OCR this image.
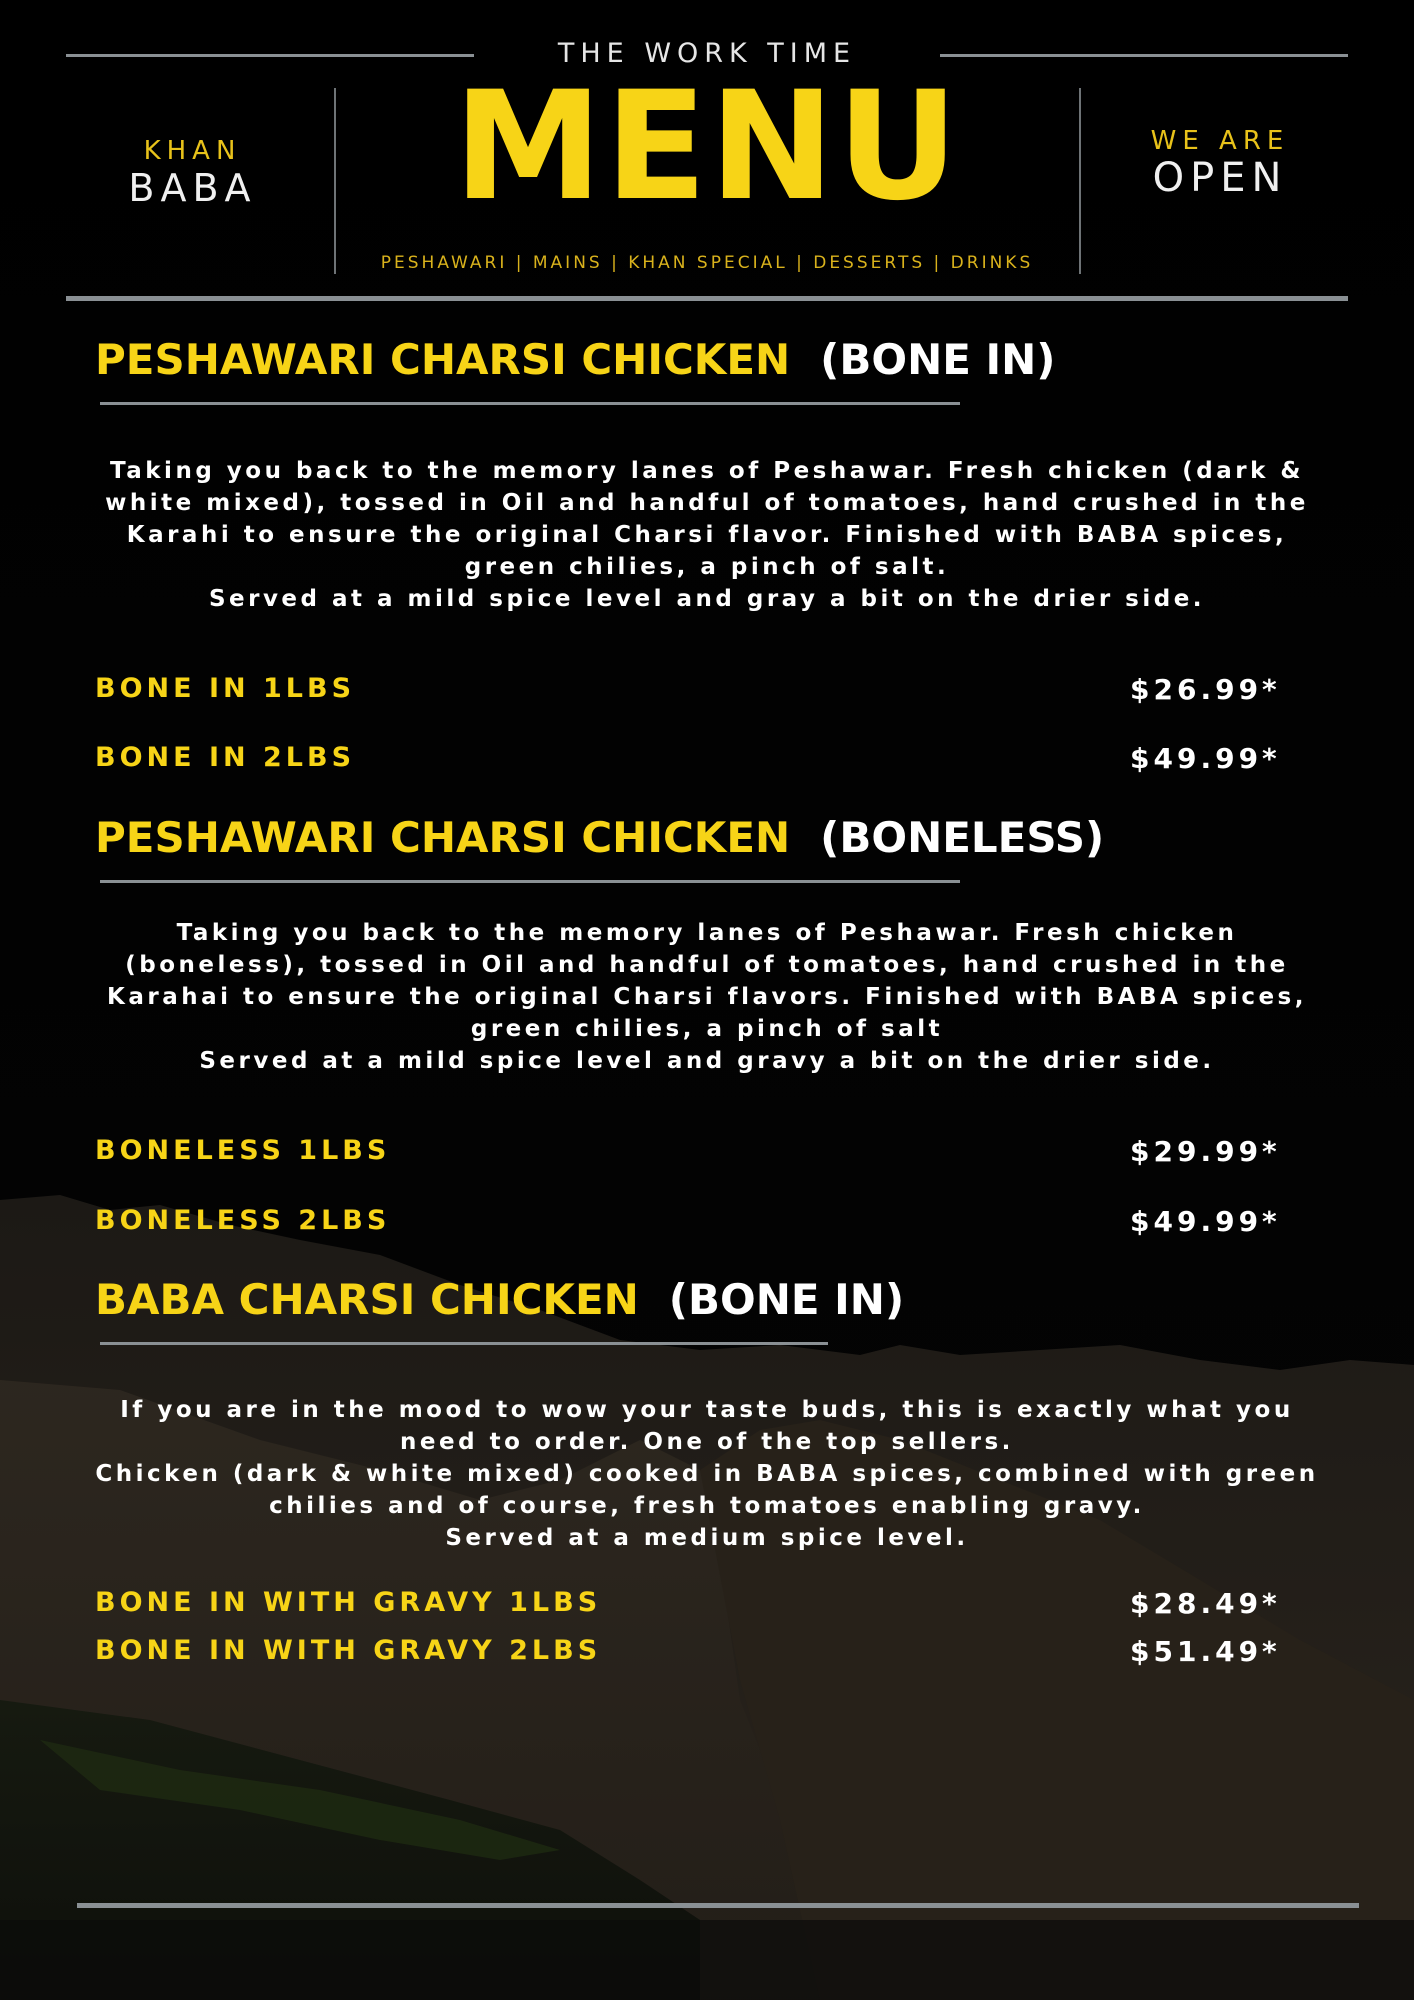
THE WORK TIME
MENU
PESHAWARI | MAINS | KHAN SPECIAL | DESSERTS | DRINKS
KHAN
BABA
WE ARE
OPEN
PESHAWARI CHARSI CHICKEN (BONE IN)

Taking you back to the memory lanes of Peshawar. Fresh chicken (dark & white mixed), tossed in Oil and handful of tomatoes, hand crushed in the Karahi to ensure the original Charsi flavor. Finished with BABA spices, green chilies, a pinch of salt.

Served at a mild spice level and gray a bit on the drier side.

BONE IN 1LBS	$26.99*
BONE IN 2LBS	$49.99*
PESHAWARI CHARSI CHICKEN (BONELESS)

Taking you back to the memory lanes of Peshawar. Fresh chicken (boneless), tossed in Oil and handful of tomatoes, hand crushed in the Karahai to ensure the original Charsi flavors. Finished with BABA spices, green chilies, a pinch of salt

Served at a mild spice level and gravy a bit on the drier side.

BONELESS 1LBS	$29.99*
BONELESS 2LBS	$49.99*
BABA CHARSI CHICKEN (BONE IN)

If you are in the mood to wow your taste buds, this is exactly what you need to order. One of the top sellers.

Chicken (dark & white mixed) cooked in BABA spices, combined with green chilies and of course, fresh tomatoes enabling gravy.

Served at a medium spice level.

BONE IN WITH GRAVY 1LBS	$28.49*
BONE IN WITH GRAVY 2LBS	$51.49*
